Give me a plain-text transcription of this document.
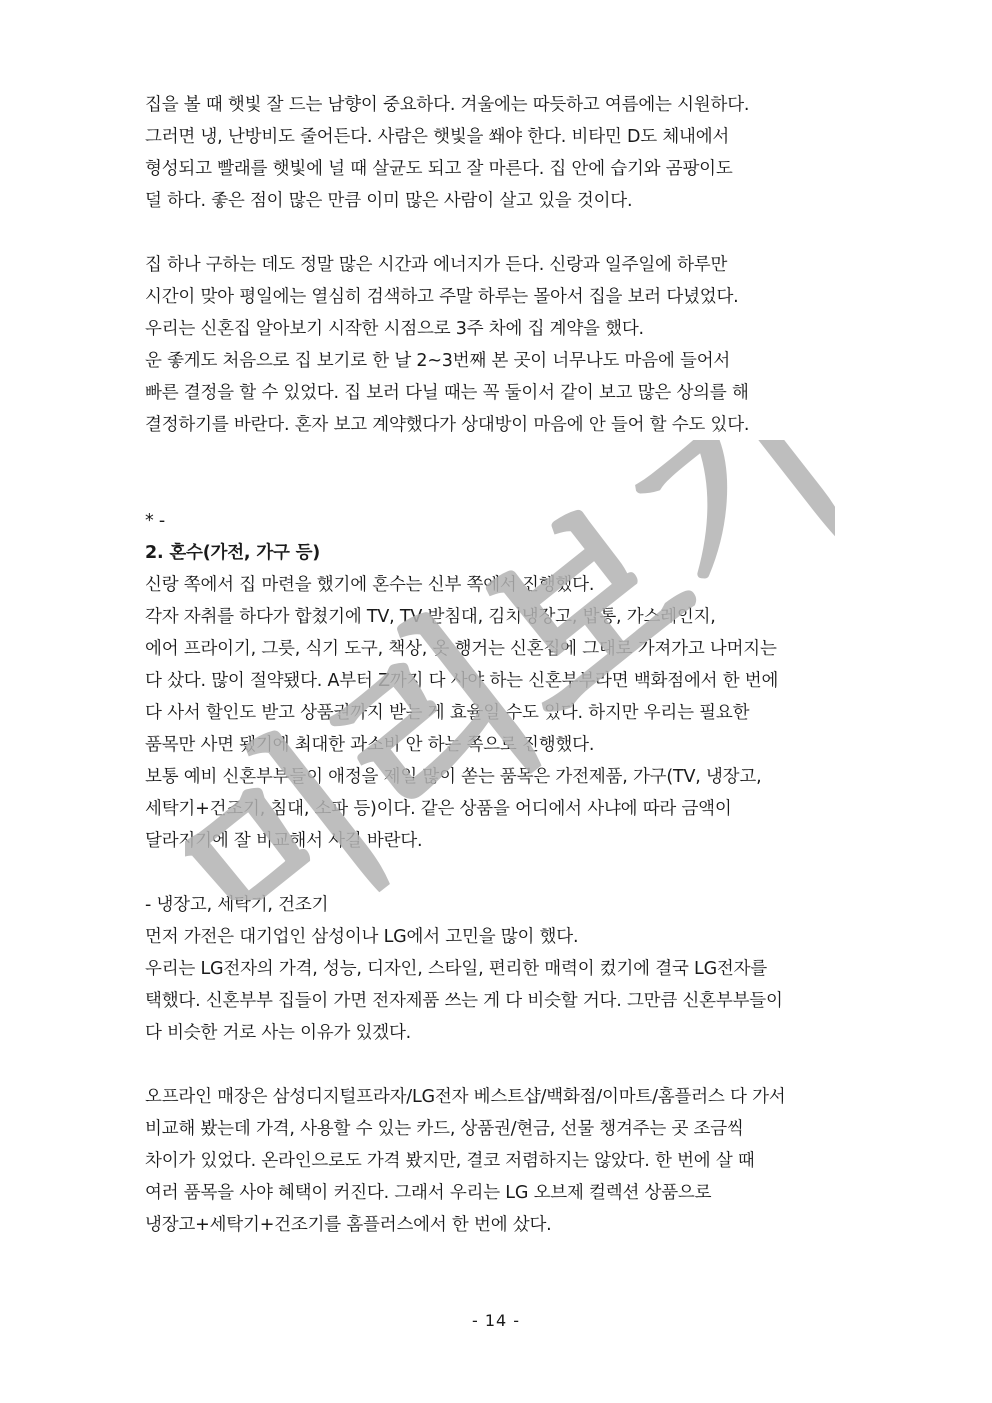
집을 볼 때 햇빛 잘 드는 남향이 중요하다. 겨울에는 따듯하고 여름에는 시원하다.
그러면 냉, 난방비도 줄어든다. 사람은 햇빛을 쐐야 한다. 비타민 D도 체내에서
형성되고 빨래를 햇빛에 널 때 살균도 되고 잘 마른다. 집 안에 습기와 곰팡이도
덜 하다. 좋은 점이 많은 만큼 이미 많은 사람이 살고 있을 것이다.
집 하나 구하는 데도 정말 많은 시간과 에너지가 든다. 신랑과 일주일에 하루만
시간이 맞아 평일에는 열심히 검색하고 주말 하루는 몰아서 집을 보러 다녔었다.
우리는 신혼집 알아보기 시작한 시점으로 3주 차에 집 계약을 했다.
운 좋게도 처음으로 집 보기로 한 날 2~3번째 본 곳이 너무나도 마음에 들어서
빠른 결정을 할 수 있었다. 집 보러 다닐 때는 꼭 둘이서 같이 보고 많은 상의를 해
결정하기를 바란다. 혼자 보고 계약했다가 상대방이 마음에 안 들어 할 수도 있다.
* -
2. 혼수(가전, 가구 등)
신랑 쪽에서 집 마련을 했기에 혼수는 신부 쪽에서 진행했다.
각자 자취를 하다가 합쳤기에 TV, TV 받침대, 김치냉장고, 밥통, 가스레인지,
에어 프라이기, 그릇, 식기 도구, 책상, 옷 행거는 신혼집에 그대로 가져가고 나머지는
다 샀다. 많이 절약됐다. A부터 Z까지 다 사야 하는 신혼부부라면 백화점에서 한 번에
다 사서 할인도 받고 상품권까지 받는 게 효율일 수도 있다. 하지만 우리는 필요한
품목만 사면 됐기에 최대한 과소비 안 하는 쪽으로 진행했다.
보통 예비 신혼부부들이 애정을 제일 많이 쏟는 품목은 가전제품, 가구(TV, 냉장고,
세탁기+건조기, 침대, 소파 등)이다. 같은 상품을 어디에서 사냐에 따라 금액이
달라지기에 잘 비교해서 사길 바란다.
- 냉장고, 세탁기, 건조기
먼저 가전은 대기업인 삼성이나 LG에서 고민을 많이 했다.
우리는 LG전자의 가격, 성능, 디자인, 스타일, 편리한 매력이 컸기에 결국 LG전자를
택했다. 신혼부부 집들이 가면 전자제품 쓰는 게 다 비슷할 거다. 그만큼 신혼부부들이
다 비슷한 거로 사는 이유가 있겠다.
오프라인 매장은 삼성디지털프라자/LG전자 베스트샵/백화점/이마트/홈플러스 다 가서
비교해 봤는데 가격, 사용할 수 있는 카드, 상품권/현금, 선물 챙겨주는 곳 조금씩
차이가 있었다. 온라인으로도 가격 봤지만, 결코 저렴하지는 않았다. 한 번에 살 때
여러 품목을 사야 혜택이 커진다. 그래서 우리는 LG 오브제 컬렉션 상품으로
냉장고+세탁기+건조기를 홈플러스에서 한 번에 샀다.
- 14 -
미리보기
